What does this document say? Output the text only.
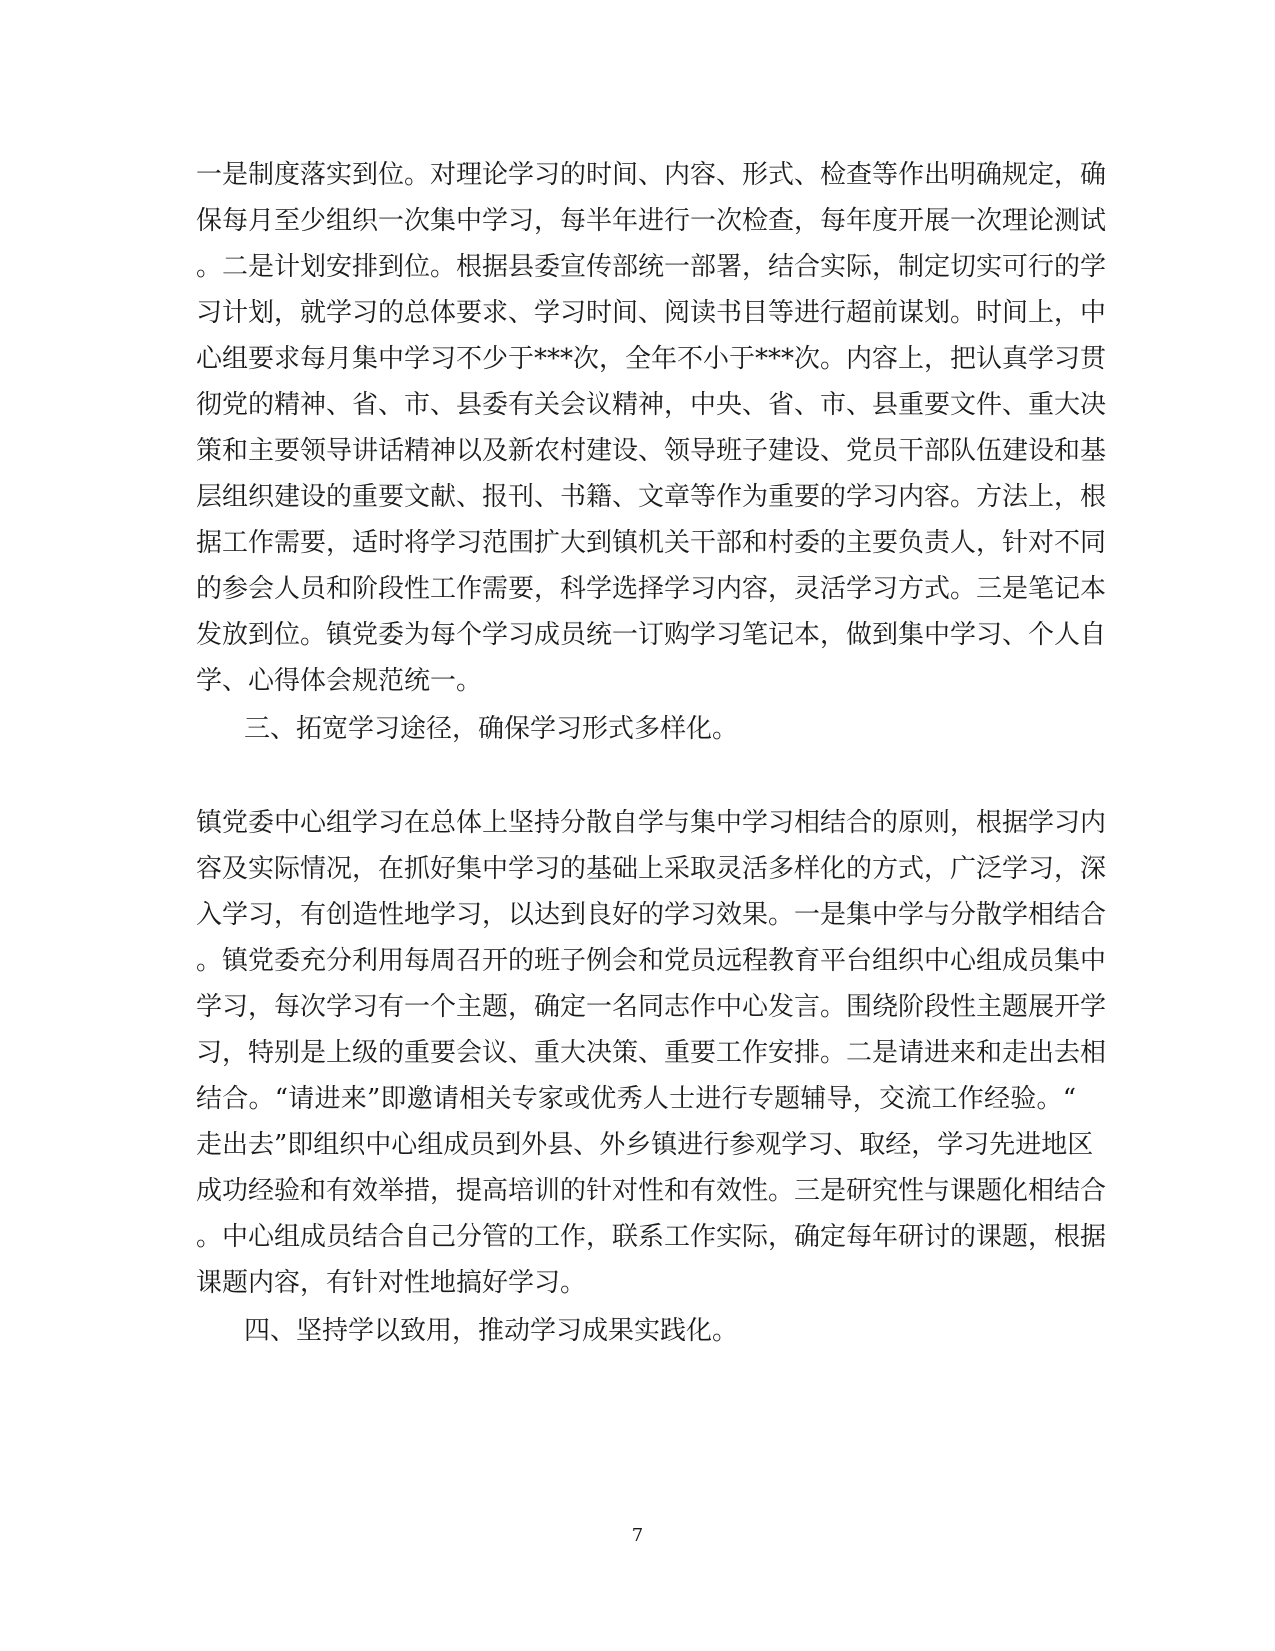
一是制度落实到位。对理论学习的时间、内容、形式、检查等作出明确规定，确
保每月至少组织一次集中学习，每半年进行一次检查，每年度开展一次理论测试
。二是计划安排到位。根据县委宣传部统一部署，结合实际，制定切实可行的学
习计划，就学习的总体要求、学习时间、阅读书目等进行超前谋划。时间上，中
心组要求每月集中学习不少于***次，全年不小于***次。内容上，把认真学习贯
彻党的精神、省、市、县委有关会议精神，中央、省、市、县重要文件、重大决
策和主要领导讲话精神以及新农村建设、领导班子建设、党员干部队伍建设和基
层组织建设的重要文献、报刊、书籍、文章等作为重要的学习内容。方法上，根
据工作需要，适时将学习范围扩大到镇机关干部和村委的主要负责人，针对不同
的参会人员和阶段性工作需要，科学选择学习内容，灵活学习方式。三是笔记本
发放到位。镇党委为每个学习成员统一订购学习笔记本，做到集中学习、个人自
学、心得体会规范统一。
三、拓宽学习途径，确保学习形式多样化。
镇党委中心组学习在总体上坚持分散自学与集中学习相结合的原则，根据学习内
容及实际情况，在抓好集中学习的基础上采取灵活多样化的方式，广泛学习，深
入学习，有创造性地学习，以达到良好的学习效果。一是集中学与分散学相结合
。镇党委充分利用每周召开的班子例会和党员远程教育平台组织中心组成员集中
学习，每次学习有一个主题，确定一名同志作中心发言。围绕阶段性主题展开学
习，特别是上级的重要会议、重大决策、重要工作安排。二是请进来和走出去相
结合。“请进来”即邀请相关专家或优秀人士进行专题辅导，交流工作经验。“
走出去”即组织中心组成员到外县、外乡镇进行参观学习、取经，学习先进地区
成功经验和有效举措，提高培训的针对性和有效性。三是研究性与课题化相结合
。中心组成员结合自己分管的工作，联系工作实际，确定每年研讨的课题，根据
课题内容，有针对性地搞好学习。
四、坚持学以致用，推动学习成果实践化。
7
